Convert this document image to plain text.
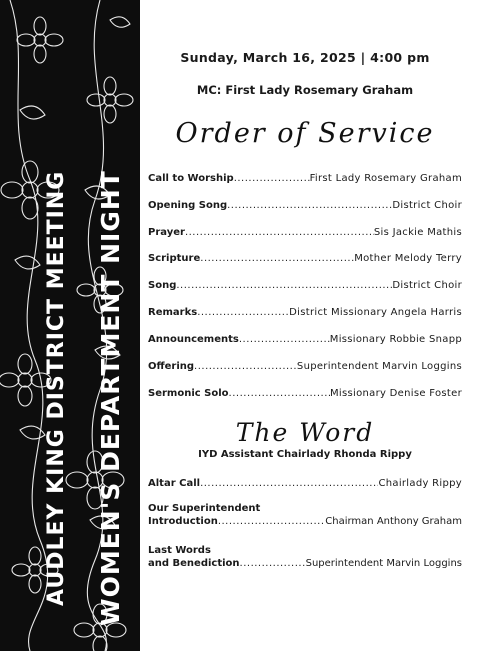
AUDLEY KING DISTRICT MEETING WOMEN'S DEPARTMENT NIGHT
Sunday, March 16, 2025 | 4:00 pm
MC: First Lady Rosemary Graham
Order of Service
Call to Worship .....	First Lady Rosemary Graham
Opening Song .....	District Choir
Prayer .....	Sis Jackie Mathis
Scripture .....	Mother Melody Terry
Song .....	District Choir
Remarks .....	District Missionary Angela Harris
Announcements .....	Missionary Robbie Snapp
Offering .....	Superintendent Marvin Loggins
Sermonic Solo .....	Missionary Denise Foster
The Word
IYD Assistant Chairlady Rhonda Rippy
Altar Call .....	Chairlady Rippy
Our Superintendent
Introduction .....	Chairman Anthony Graham
Last Words
and Benediction .....	Superintendent Marvin Loggins
